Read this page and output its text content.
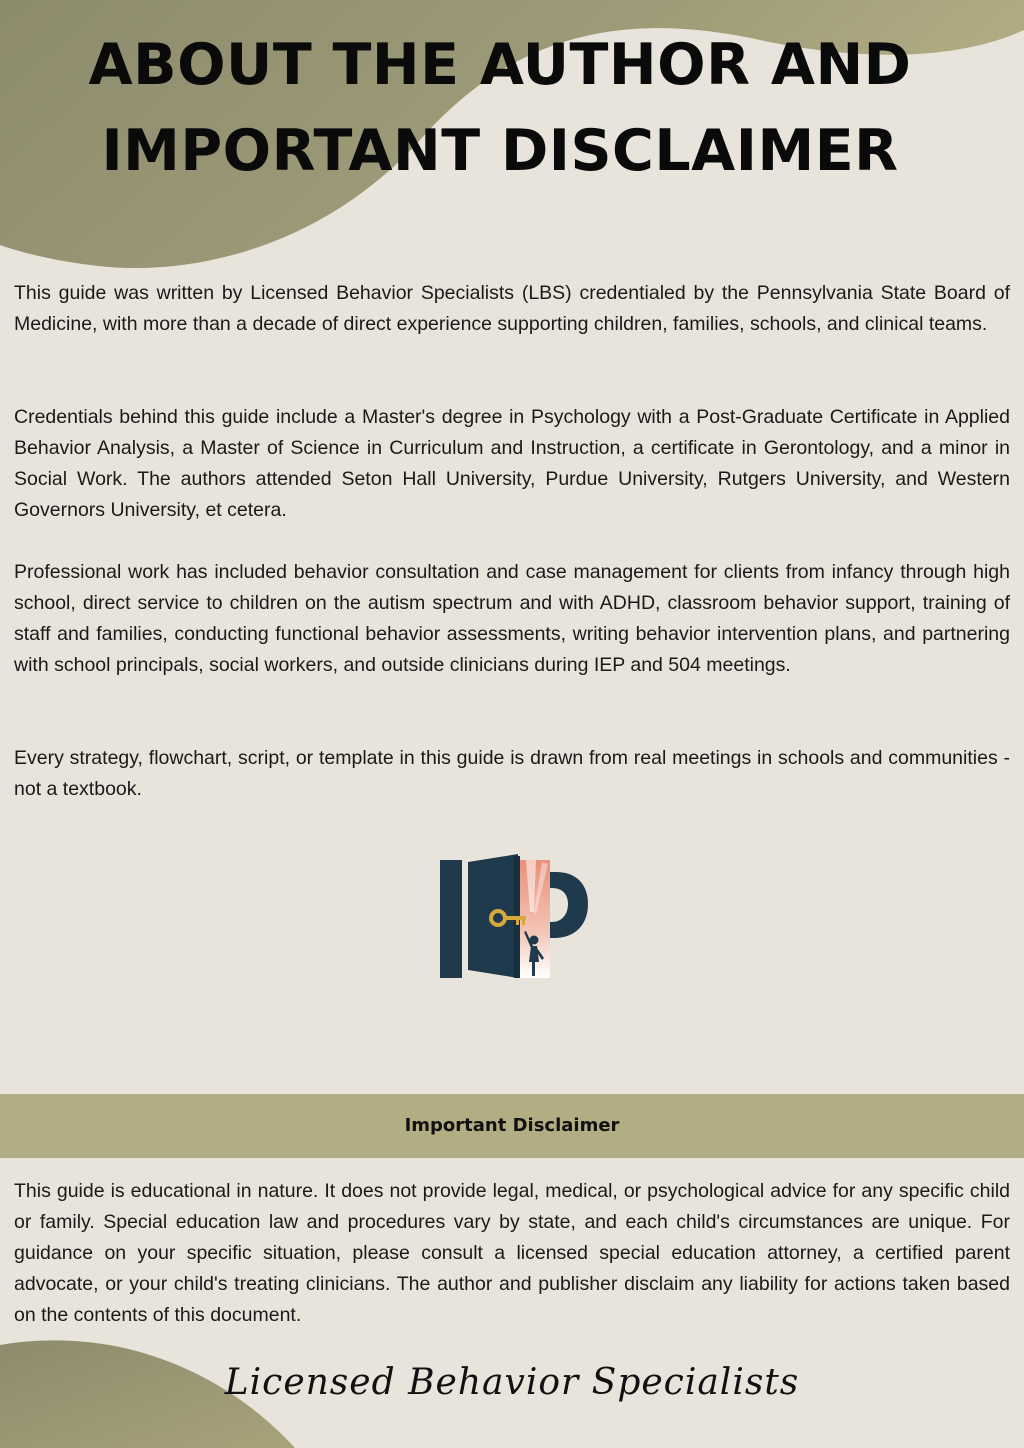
ABOUT THE AUTHOR AND
IMPORTANT DISCLAIMER

This guide was written by Licensed Behavior Specialists (LBS) credentialed by the Pennsylvania State Board of Medicine, with more than a decade of direct experience supporting children, families, schools, and clinical teams.

Credentials behind this guide include a Master's degree in Psychology with a Post-Graduate Certificate in Applied Behavior Analysis, a Master of Science in Curriculum and Instruction, a certificate in Gerontology, and a minor in Social Work. The authors attended Seton Hall University, Purdue University, Rutgers University, and Western Governors University, et cetera.

Professional work has included behavior consultation and case management for clients from infancy through high school, direct service to children on the autism spectrum and with ADHD, classroom behavior support, training of staff and families, conducting functional behavior assessments, writing behavior intervention plans, and partnering with school principals, social workers, and outside clinicians during IEP and 504 meetings.

Every strategy, flowchart, script, or template in this guide is drawn from real meetings in schools and communities - not a textbook.

Important Disclaimer

This guide is educational in nature. It does not provide legal, medical, or psychological advice for any specific child or family. Special education law and procedures vary by state, and each child's circumstances are unique. For guidance on your specific situation, please consult a licensed special education attorney, a certified parent advocate, or your child's treating clinicians. The author and publisher disclaim any liability for actions taken based on the contents of this document.

Licensed Behavior Specialists
